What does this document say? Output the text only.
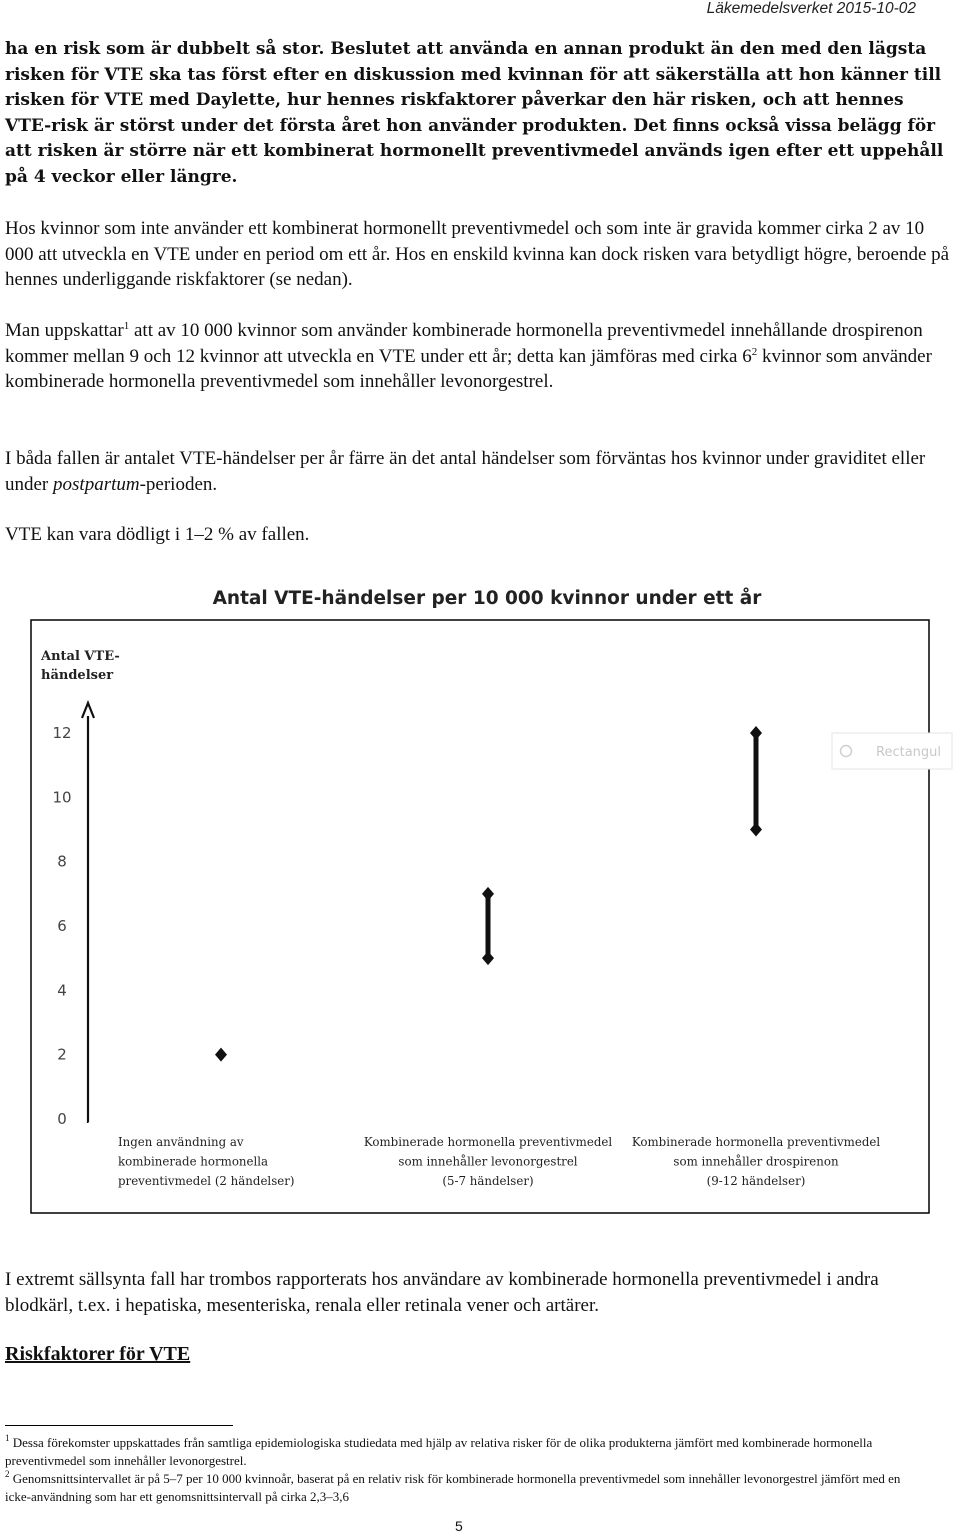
Läkemedelsverket 2015-10-02

ha en risk som är dubbelt så stor. Beslutet att använda en annan produkt än den med den lägsta risken för VTE ska tas först efter en diskussion med kvinnan för att säkerställa att hon känner till risken för VTE med Daylette, hur hennes riskfaktorer påverkar den här risken, och att hennes VTE-risk är störst under det första året hon använder produkten. Det finns också vissa belägg för att risken är större när ett kombinerat hormonellt preventivmedel används igen efter ett uppehåll på 4 veckor eller längre.

Hos kvinnor som inte använder ett kombinerat hormonellt preventivmedel och som inte är gravida kommer cirka 2 av 10 000 att utveckla en VTE under en period om ett år. Hos en enskild kvinna kan dock risken vara betydligt högre, beroende på hennes underliggande riskfaktorer (se nedan).

Man uppskattar$^1$ att av 10 000 kvinnor som använder kombinerade hormonella preventivmedel innehållande drospirenon kommer mellan 9 och 12 kvinnor att utveckla en VTE under ett år; detta kan jämföras med cirka $6^2$ kvinnor som använder kombinerade hormonella preventivmedel som innehåller levonorgestrel.

I båda fallen är antalet VTE-händelser per år färre än det antal händelser som förväntas hos kvinnor under graviditet eller under postpartum-perioden.

VTE kan vara dödligt i 1–2 % av fallen.

Antal VTE-händelser per 10 000 kvinnor under ett år
Antal VTE-
händelser
Rectangul
0
2
4
6
8
10
12
Ingen användning av
kombinerade hormonella
preventivmedel (2 händelser)
Kombinerade hormonella preventivmedel
som innehåller levonorgestrel
(5-7 händelser)
Kombinerade hormonella preventivmedel
som innehåller drospirenon
(9-12 händelser)

I extremt sällsynta fall har trombos rapporterats hos användare av kombinerade hormonella preventivmedel i andra blodkärl, t.ex. i hepatiska, mesenteriska, renala eller retinala vener och artärer.

Riskfaktorer för VTE

$^1$ Dessa förekomster uppskattades från samtliga epidemiologiska studiedata med hjälp av relativa risker för de olika produkterna jämfört med kombinerade hormonella preventivmedel som innehåller levonorgestrel.

$^2$ Genomsnittsintervallet är på 5–7 per 10 000 kvinnoår, baserat på en relativ risk för kombinerade hormonella preventivmedel som innehåller levonorgestrel jämfört med en icke-användning som har ett genomsnittsintervall på cirka 2,3–3,6

5
